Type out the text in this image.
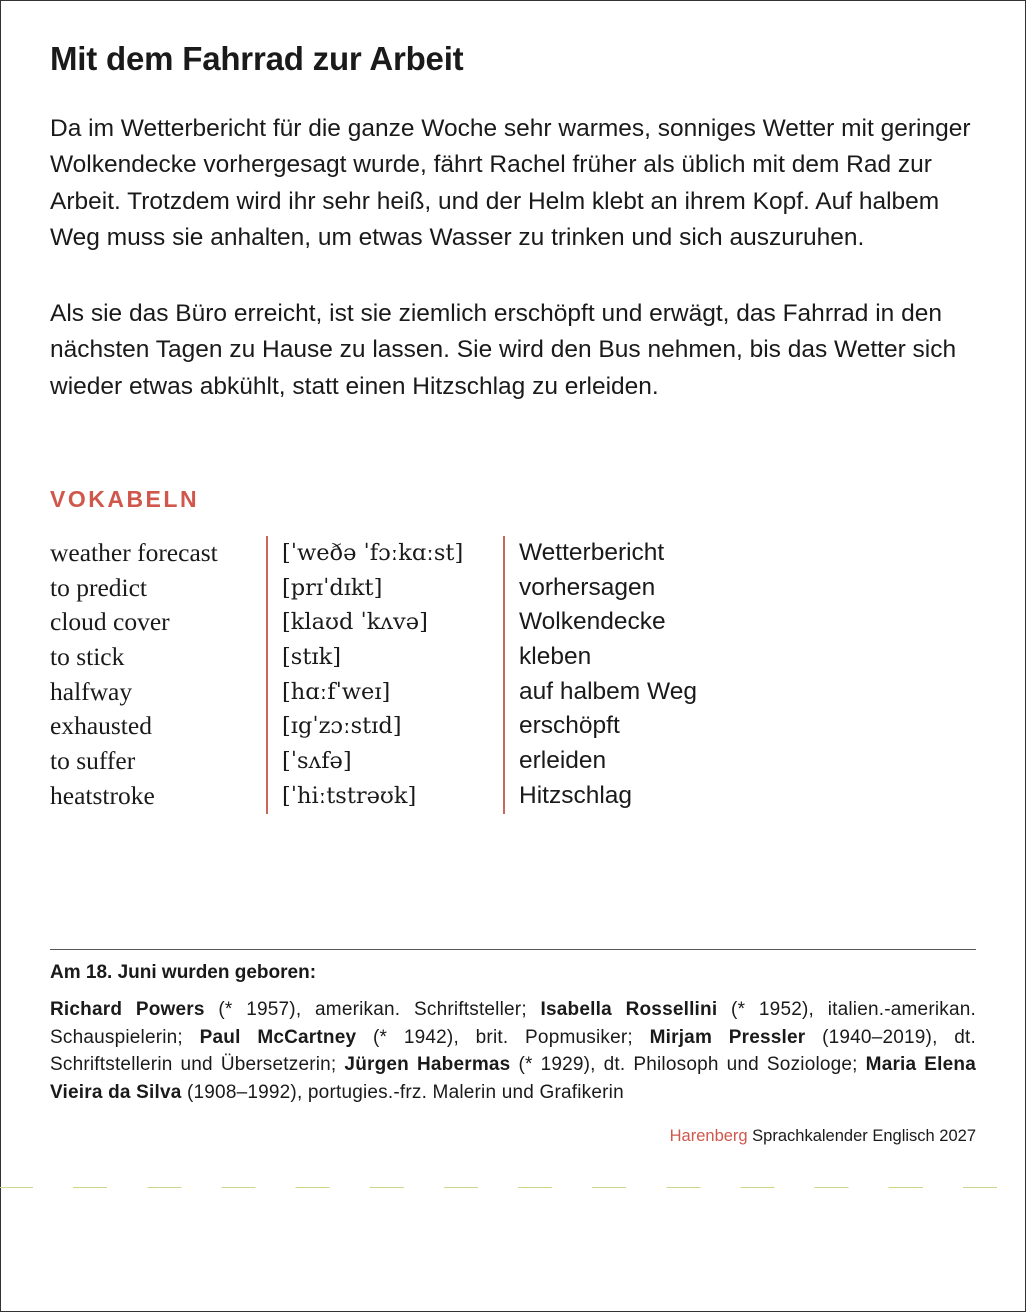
Mit dem Fahrrad zur Arbeit

Da im Wetterbericht für die ganze Woche sehr warmes, sonniges Wetter mit geringer Wolkendecke vorhergesagt wurde, fährt Rachel früher als üblich mit dem Rad zur Arbeit. Trotzdem wird ihr sehr heiß, und der Helm klebt an ihrem Kopf. Auf halbem Weg muss sie anhalten, um etwas Wasser zu trinken und sich auszuruhen.

Als sie das Büro erreicht, ist sie ziemlich erschöpft und erwägt, das Fahrrad in den nächsten Tagen zu Hause zu lassen. Sie wird den Bus nehmen, bis das Wetter sich wieder etwas abkühlt, statt einen Hitzschlag zu erleiden.

VOKABELN
weather forecast
to predict
cloud cover
to stick
halfway
exhausted
to suffer
heatstroke
[ˈweðə ˈfɔːkɑːst]
[prɪˈdɪkt]
[klaʊd ˈkʌvə]
[stɪk]
[hɑːfˈweɪ]
[ɪgˈzɔːstɪd]
[ˈsʌfə]
[ˈhiːtstrəʊk]
Wetterbericht
vorhersagen
Wolkendecke
kleben
auf halbem Weg
erschöpft
erleiden
Hitzschlag
Am 18. Juni wurden geboren:
Richard Powers (* 1957), amerikan. Schriftsteller; Isabella Rossellini (* 1952), italien.-amerikan. Schauspielerin; Paul McCartney (* 1942), brit. Popmusiker; Mirjam Pressler (1940–2019), dt. Schriftstellerin und Übersetzerin; Jürgen Habermas (* 1929), dt. Philosoph und Soziologe; Maria Elena Vieira da Silva (1908–1992), portugies.-frz. Malerin und Grafikerin
Harenberg Sprachkalender Englisch 2027
